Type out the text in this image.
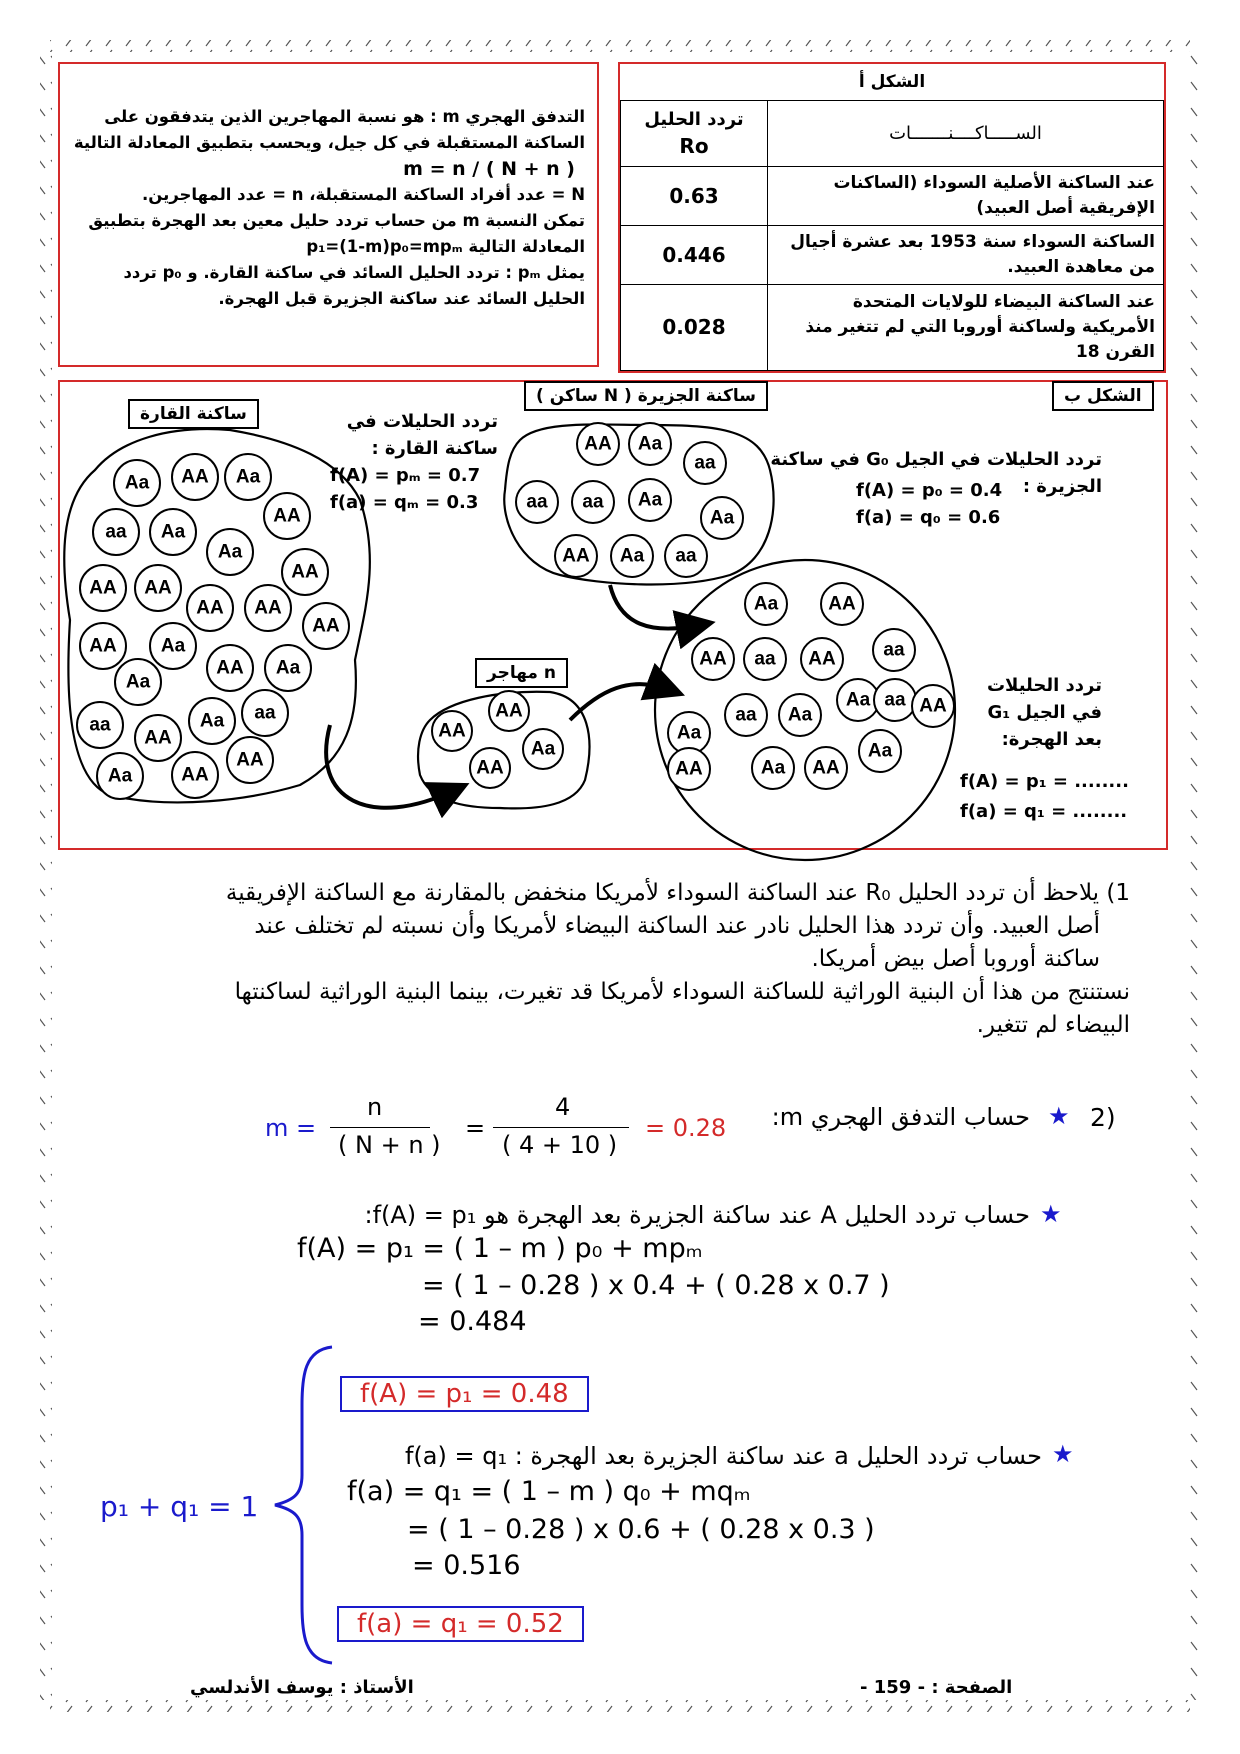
التدفق الهجري m : هو نسبة المهاجرين الذين يتدفقون على
الساكنة المستقبلة في كل جيل، ويحسب بتطبيق المعادلة التالية
m = n / ( N + n )
N = عدد أفراد الساكنة المستقبلة، n = عدد المهاجرين.
تمكن النسبة m من حساب تردد حليل معين بعد الهجرة بتطبيق
المعادلة التالية p₁=(1-m)p₀=mpₘ
يمثل pₘ : تردد الحليل السائد في ساكنة القارة. و p₀ تردد
الحليل السائد عند ساكنة الجزيرة قبل الهجرة.
الشكل أ	

تردد الحليل
Ro	الســـــاكــــنـــــــات
0.63	عند الساكنة الأصلية السوداء (الساكنات الإفريقية أصل العبيد)
0.446	الساكنة السوداء سنة 1953 بعد عشرة أجيال من معاهدة العبيد.
0.028	عند الساكنة البيضاء للولايات المتحدة الأمريكية ولساكنة أوروبا التي لم تتغير منذ القرن 18
Aa AA Aa
aa Aa
AA
Aa
AA
AA AA
AA AA
AA
AA Aa
Aa
AA Aa
aa
AA
Aa aa
Aa	AA
AA
AA Aa
aa
aa aa Aa
Aa
AA Aa aa
AA
AA
Aa
AA
Aa	AA
AA aa AA	aa
Aa
aa Aa
aa
Aa
Aa AA
Aa
AA
AA
ساكنة القارة
ساكنة الجزيرة ( N ساكن )
n مهاجر
الشكل ب
تردد الحليلات في
ساكنة القارة :
f(A) = pₘ = 0.7
f(a) = qₘ = 0.3
تردد الحليلات في الجيل G₀ في ساكنة
الجزيرة :
f(A) = p₀ = 0.4
f(a) = q₀ = 0.6
تردد الحليلات
في الجيل G₁
بعد الهجرة:
f(A) = p₁ = ........
f(a) = q₁ = ........
1) يلاحظ أن تردد الحليل R₀ عند الساكنة السوداء لأمريكا منخفض بالمقارنة مع الساكنة الإفريقية
أصل العبيد. وأن تردد هذا الحليل نادر عند الساكنة البيضاء لأمريكا وأن نسبته لم تختلف عند
ساكنة أوروبا أصل بيض أمريكا.
نستنتج من هذا أن البنية الوراثية للساكنة السوداء لأمريكا قد تغيرت، بينما البنية الوراثية لساكنتها
البيضاء لم تتغير.
2)
★
حساب التدفق الهجري m:
m =
n
( N + n )
=
4
( 4 + 10 )
= 0.28
★
حساب تردد الحليل A عند ساكنة الجزيرة بعد الهجرة هو f(A) = p₁:
f(A) = p₁ = ( 1 – m ) p₀ + mpₘ
= ( 1 – 0.28 ) x 0.4 + ( 0.28 x 0.7 )
= 0.484
f(A) = p₁ = 0.48
★
حساب تردد الحليل a عند ساكنة الجزيرة بعد الهجرة : f(a) = q₁
f(a) = q₁ = ( 1 – m ) q₀ + mqₘ
= ( 1 – 0.28 ) x 0.6 + ( 0.28 x 0.3 )
= 0.516
f(a) = q₁ = 0.52
p₁ + q₁ = 1
الصفحة : - 159 -
الأستاذ : يوسف الأندلسي
